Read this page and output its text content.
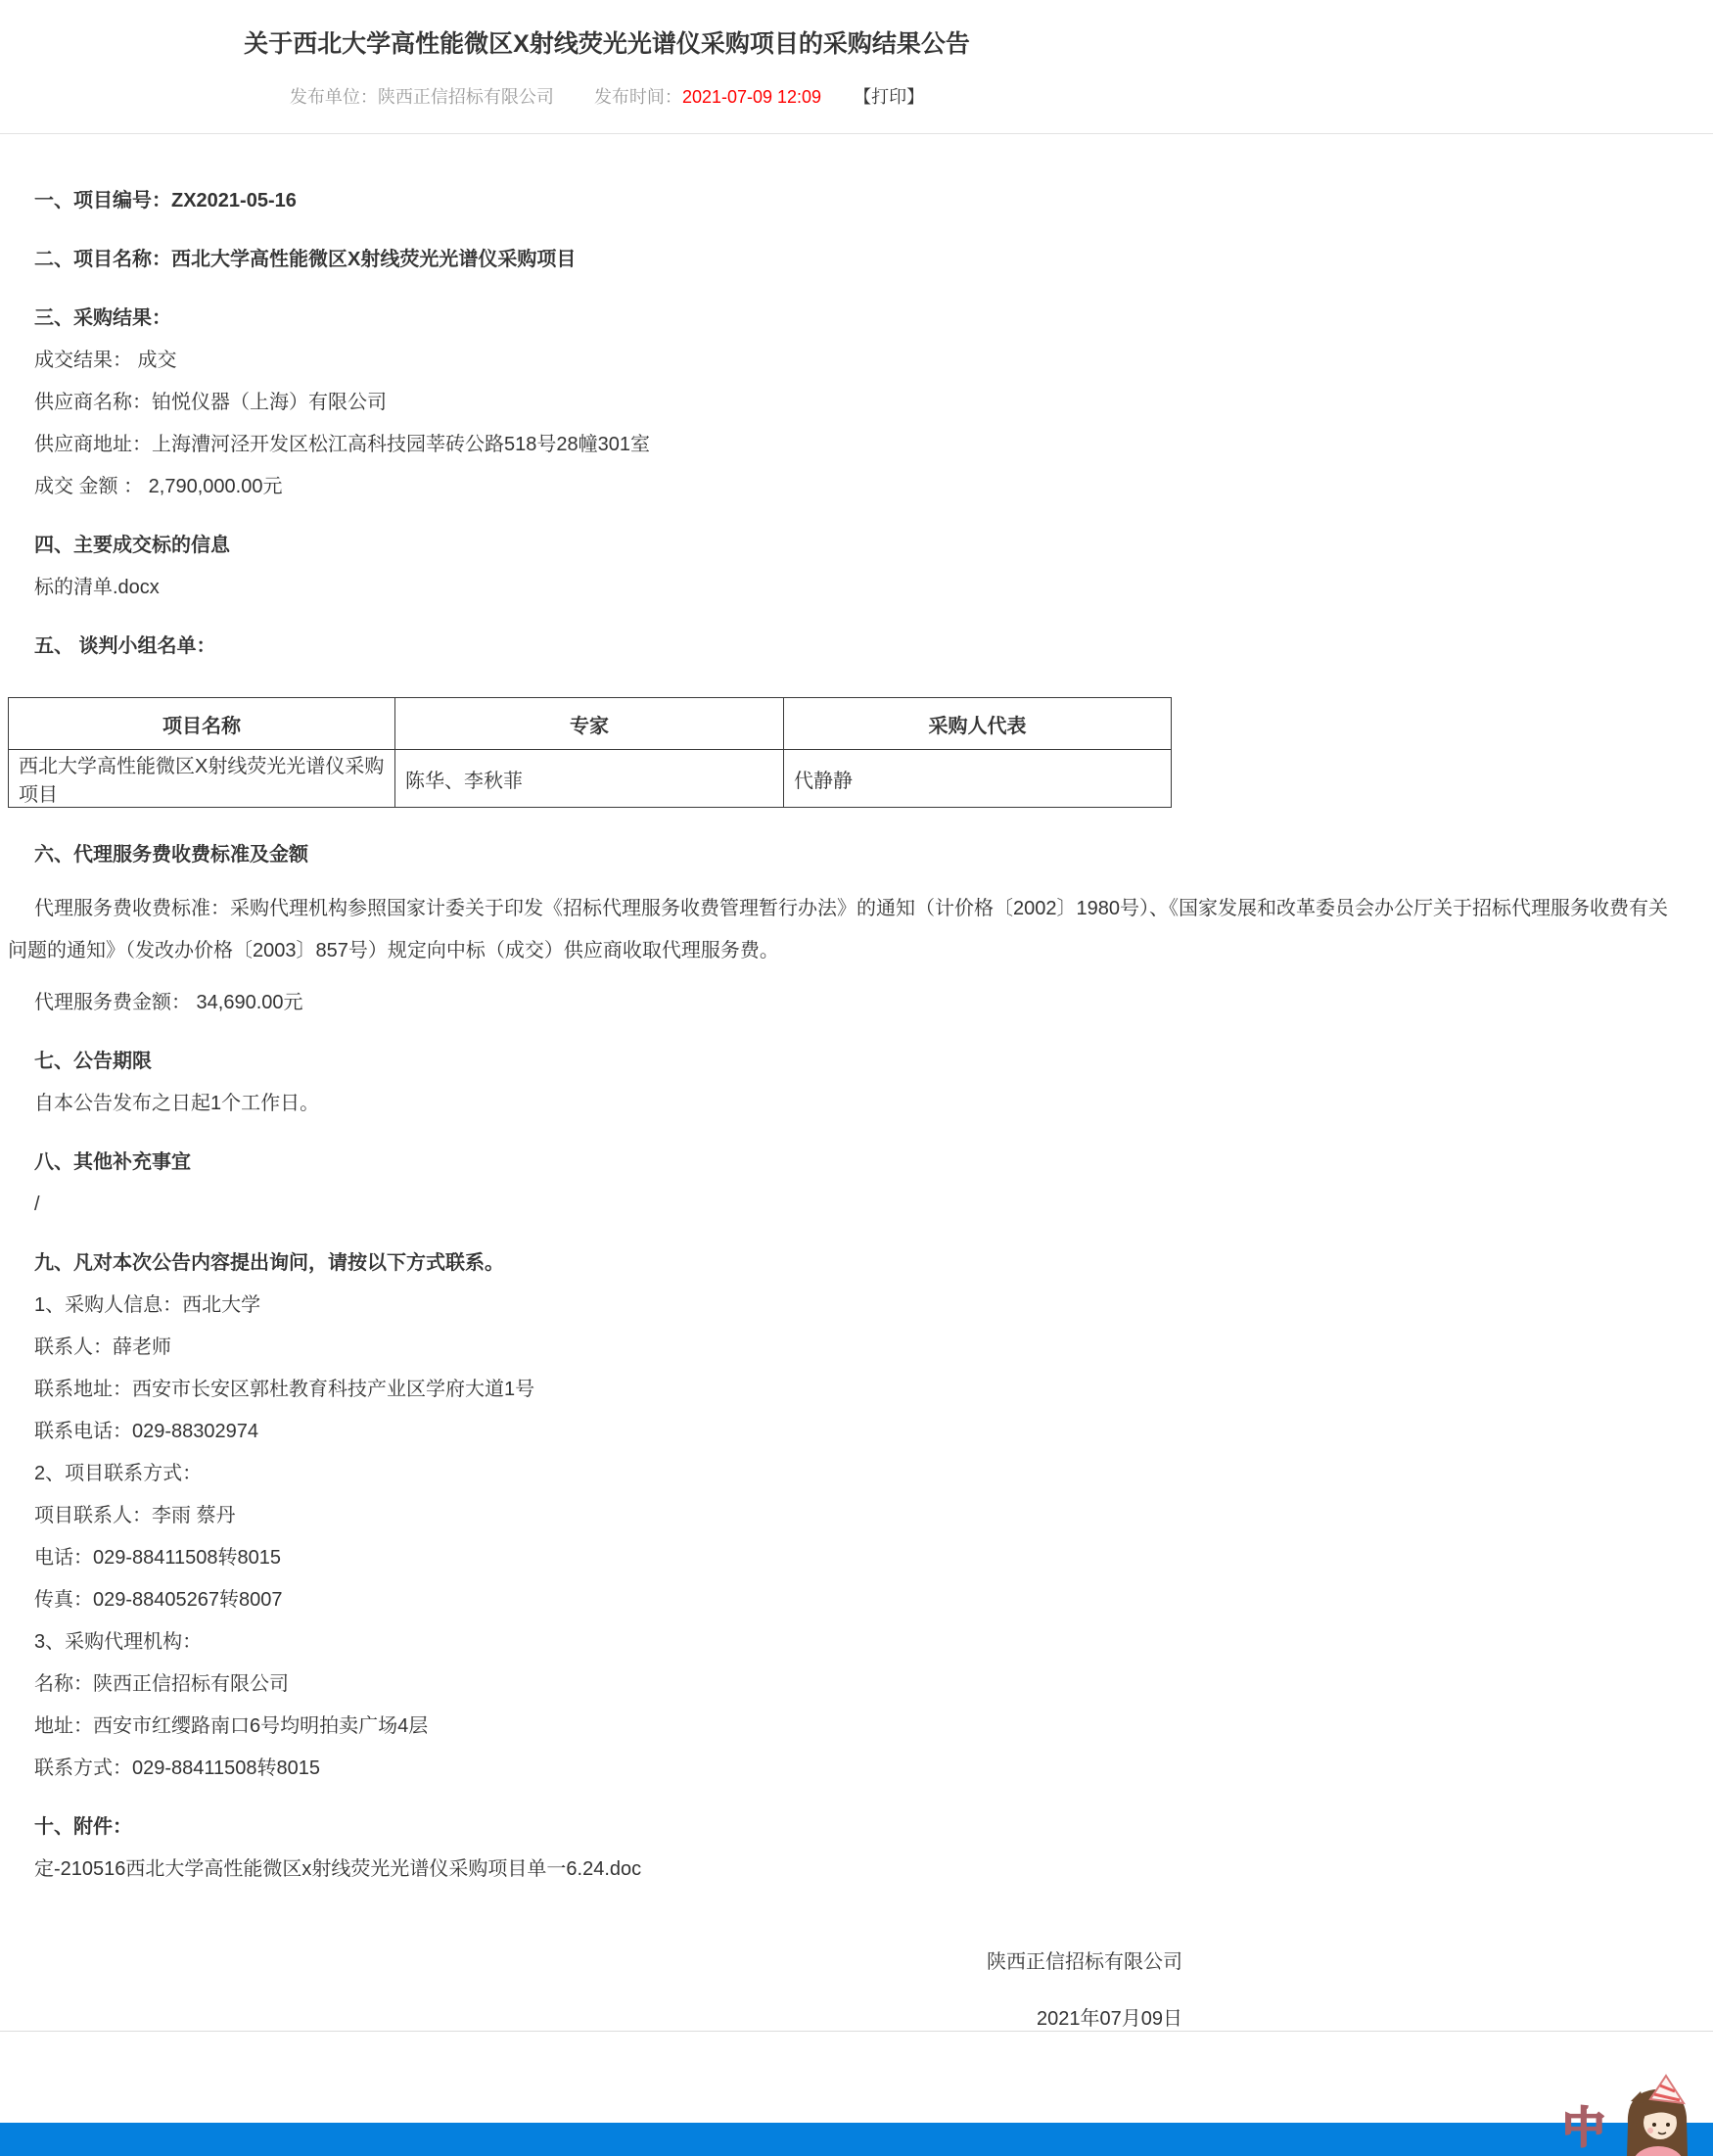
关于西北大学高性能微区X射线荧光光谱仪采购项目的采购结果公告
发布单位：陕西正信招标有限公司 发布时间：2021-07-09 12:09 【打印】
一、项目编号：ZX2021-05-16
二、项目名称：西北大学高性能微区X射线荧光光谱仪采购项目
三、采购结果：

成交结果： 成交

供应商名称：铂悦仪器（上海）有限公司

供应商地址：上海漕河泾开发区松江高科技园莘砖公路518号28幢301室

成交 金额 ： 2,790,000.00元

四、主要成交标的信息

标的清单.docx

五、 谈判小组名单：
项目名称	专家	采购人代表
西北大学高性能微区X射线荧光光谱仪采购项目	陈华、李秋菲	代静静
六、代理服务费收费标准及金额

代理服务费收费标准：采购代理机构参照国家计委关于印发《招标代理服务收费管理暂行办法》的通知（计价格〔2002〕1980号）、《国家发展和改革委员会办公厅关于招标代理服务收费有关问题的通知》（发改办价格〔2003〕857号）规定向中标（成交）供应商收取代理服务费。

代理服务费金额： 34,690.00元

七、公告期限

自本公告发布之日起1个工作日。

八、其他补充事宜

/

九、凡对本次公告内容提出询问，请按以下方式联系。

1、采购人信息：西北大学

联系人：薛老师

联系地址：西安市长安区郭杜教育科技产业区学府大道1号

联系电话：029-88302974

2、项目联系方式：

项目联系人：李雨 蔡丹

电话：029-88411508转8015

传真：029-88405267转8007

3、采购代理机构：

名称：陕西正信招标有限公司

地址：西安市红缨路南口6号均明拍卖广场4层

联系方式：029-88411508转8015

十、附件：

定-210516西北大学高性能微区x射线荧光光谱仪采购项目单一6.24.doc

陕西正信招标有限公司

2021年07月09日

中
